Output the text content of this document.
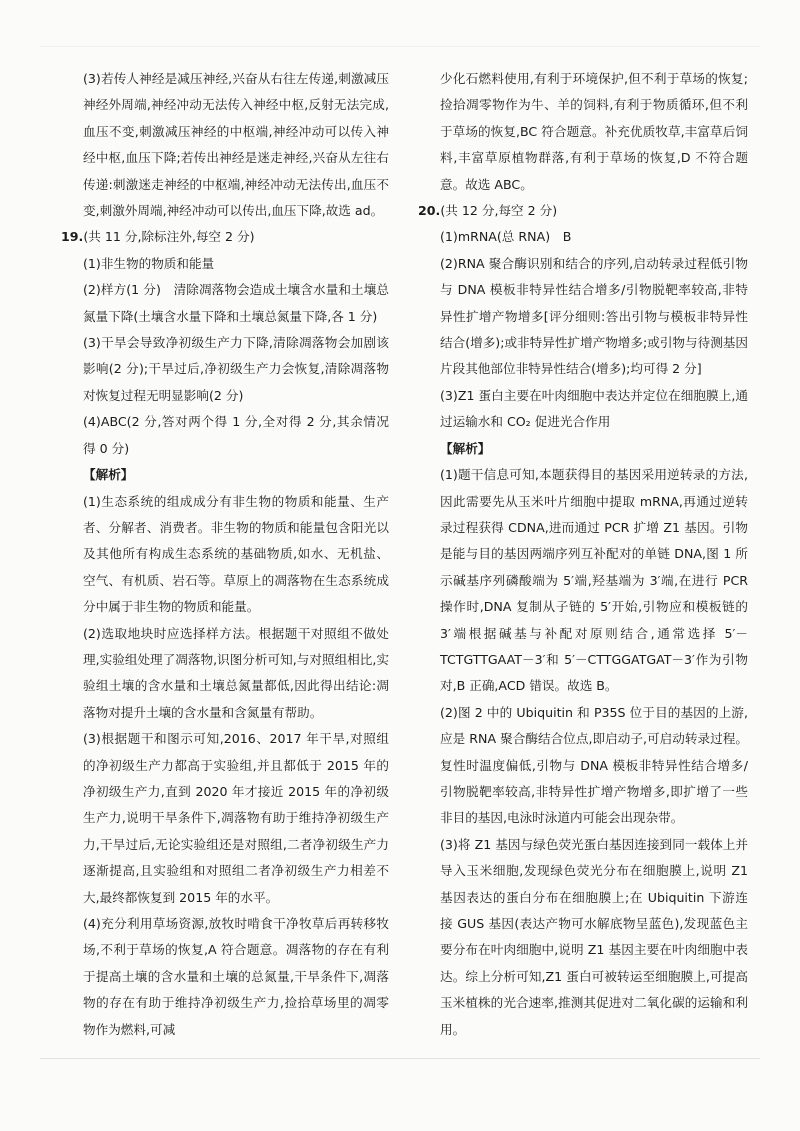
(3)若传人神经是减压神经,兴奋从右往左传递,刺激减压神经外周端,神经冲动无法传入神经中枢,反射无法完成,血压不变,刺激减压神经的中枢端,神经冲动可以传入神经中枢,血压下降;若传出神经是迷走神经,兴奋从左往右传递:刺激迷走神经的中枢端,神经冲动无法传出,血压不变,刺激外周端,神经冲动可以传出,血压下降,故选 ad。

19.(共 11 分,除标注外,每空 2 分)

(1)非生物的物质和能量

(2)样方(1 分)　清除凋落物会造成土壤含水量和土壤总氮量下降(土壤含水量下降和土壤总氮量下降,各 1 分)

(3)干旱会导致净初级生产力下降,清除凋落物会加剧该影响(2 分);干旱过后,净初级生产力会恢复,清除凋落物对恢复过程无明显影响(2 分)

(4)ABC(2 分,答对两个得 1 分,全对得 2 分,其余情况得 0 分)

【解析】

(1)生态系统的组成成分有非生物的物质和能量、生产者、分解者、消费者。非生物的物质和能量包含阳光以及其他所有构成生态系统的基础物质,如水、无机盐、空气、有机质、岩石等。草原上的凋落物在生态系统成分中属于非生物的物质和能量。

(2)选取地块时应选择样方法。根据题干对照组不做处理,实验组处理了凋落物,识图分析可知,与对照组相比,实验组土壤的含水量和土壤总氮量都低,因此得出结论:凋落物对提升土壤的含水量和含氮量有帮助。

(3)根据题干和图示可知,2016、2017 年干旱,对照组的净初级生产力都高于实验组,并且都低于 2015 年的净初级生产力,直到 2020 年才接近 2015 年的净初级生产力,说明干旱条件下,凋落物有助于维持净初级生产力,干旱过后,无论实验组还是对照组,二者净初级生产力逐渐提高,且实验组和对照组二者净初级生产力相差不大,最终都恢复到 2015 年的水平。

(4)充分利用草场资源,放牧时啃食干净牧草后再转移牧场,不利于草场的恢复,A 符合题意。凋落物的存在有利于提高土壤的含水量和土壤的总氮量,干旱条件下,凋落物的存在有助于维持净初级生产力,捡拾草场里的凋零物作为燃料,可减

少化石燃料使用,有利于环境保护,但不利于草场的恢复;捡拾凋零物作为牛、羊的饲料,有利于物质循环,但不利于草场的恢复,BC 符合题意。补充优质牧草,丰富草后饲料,丰富草原植物群落,有利于草场的恢复,D 不符合题意。故选 ABC。

20.(共 12 分,每空 2 分)

(1)mRNA(总 RNA)　B

(2)RNA 聚合酶识别和结合的序列,启动转录过程低引物与 DNA 模板非特异性结合增多/引物脱靶率较高,非特异性扩增产物增多[评分细则:答出引物与模板非特异性结合(增多);或非特异性扩增产物增多;或引物与待测基因片段其他部位非特异性结合(增多);均可得 2 分]

(3)Z1 蛋白主要在叶肉细胞中表达并定位在细胞膜上,通过运输水和 CO₂ 促进光合作用

【解析】

(1)题干信息可知,本题获得目的基因采用逆转录的方法,因此需要先从玉米叶片细胞中提取 mRNA,再通过逆转录过程获得 CDNA,进而通过 PCR 扩增 Z1 基因。引物是能与目的基因两端序列互补配对的单链 DNA,图 1 所示碱基序列磷酸端为 5′端,羟基端为 3′端,在进行 PCR 操作时,DNA 复制从子链的 5′开始,引物应和模板链的 3′端根据碱基与补配对原则结合,通常选择 5′－TCTGTTGAAT－3′和 5′－CTTGGATGAT－3′作为引物对,B 正确,ACD 错误。故选 B。

(2)图 2 中的 Ubiquitin 和 P35S 位于目的基因的上游,应是 RNA 聚合酶结合位点,即启动子,可启动转录过程。复性时温度偏低,引物与 DNA 模板非特异性结合增多/引物脱靶率较高,非特异性扩增产物增多,即扩增了一些非目的基因,电泳时泳道内可能会出现杂带。

(3)将 Z1 基因与绿色荧光蛋白基因连接到同一载体上并导入玉米细胞,发现绿色荧光分布在细胞膜上,说明 Z1 基因表达的蛋白分布在细胞膜上;在 Ubiquitin 下游连接 GUS 基因(表达产物可水解底物呈蓝色),发现蓝色主要分布在叶肉细胞中,说明 Z1 基因主要在叶肉细胞中表达。综上分析可知,Z1 蛋白可被转运至细胞膜上,可提高玉米植株的光合速率,推测其促进对二氧化碳的运输和利用。
